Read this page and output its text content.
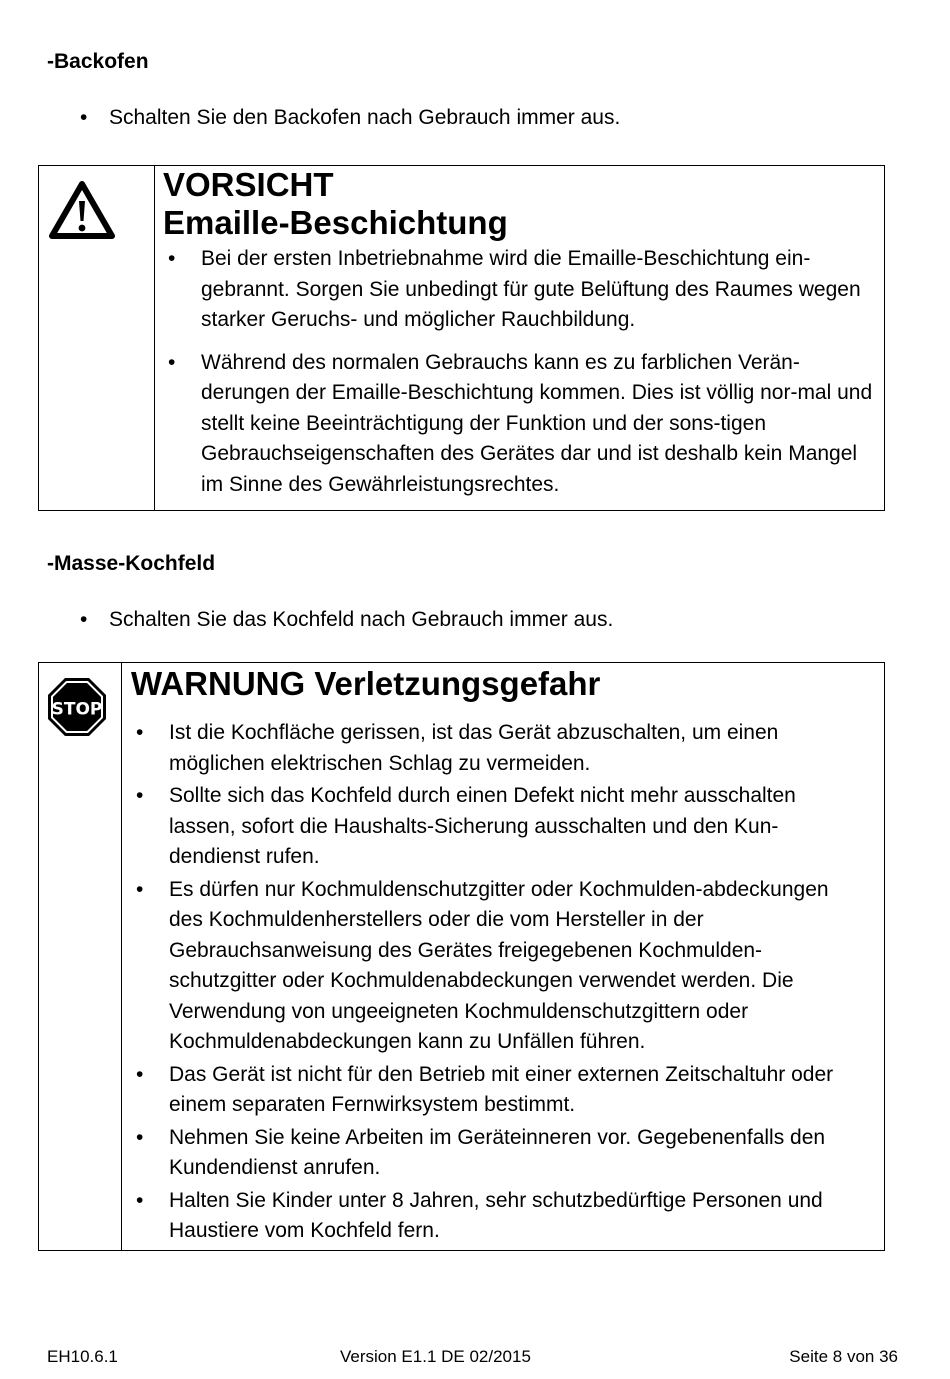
-Backofen
• Schalten Sie den Backofen nach Gebrauch immer aus.
VORSICHT
Emaille-Beschichtung
• Bei der ersten Inbetriebnahme wird die Emaille-Beschichtung ein-gebrannt. Sorgen Sie unbedingt für gute Belüftung des Raumes wegen starker Geruchs- und möglicher Rauchbildung.
• Während des normalen Gebrauchs kann es zu farblichen Verän-derungen der Emaille-Beschichtung kommen. Dies ist völlig nor-mal und stellt keine Beeinträchtigung der Funktion und der sons-tigen Gebrauchseigenschaften des Gerätes dar und ist deshalb kein Mangel im Sinne des Gewährleistungsrechtes.
-Masse-Kochfeld
• Schalten Sie das Kochfeld nach Gebrauch immer aus.
STOP
WARNUNG Verletzungsgefahr
• Ist die Kochfläche gerissen, ist das Gerät abzuschalten, um einen möglichen elektrischen Schlag zu vermeiden.
• Sollte sich das Kochfeld durch einen Defekt nicht mehr ausschalten lassen, sofort die Haushalts-Sicherung ausschalten und den Kun-dendienst rufen.
• Es dürfen nur Kochmuldenschutzgitter oder Kochmulden-abdeckungen des Kochmuldenherstellers oder die vom Hersteller in der Gebrauchsanweisung des Gerätes freigegebenen Kochmulden-schutzgitter oder Kochmuldenabdeckungen verwendet werden. Die Verwendung von ungeeigneten Kochmuldenschutzgittern oder Kochmuldenabdeckungen kann zu Unfällen führen.
• Das Gerät ist nicht für den Betrieb mit einer externen Zeitschaltuhr oder einem separaten Fernwirksystem bestimmt.
• Nehmen Sie keine Arbeiten im Geräteinneren vor. Gegebenenfalls den Kundendienst anrufen.
• Halten Sie Kinder unter 8 Jahren, sehr schutzbedürftige Personen und Haustiere vom Kochfeld fern.
EH10.6.1	Version E1.1 DE 02/2015	Seite 8 von 36
